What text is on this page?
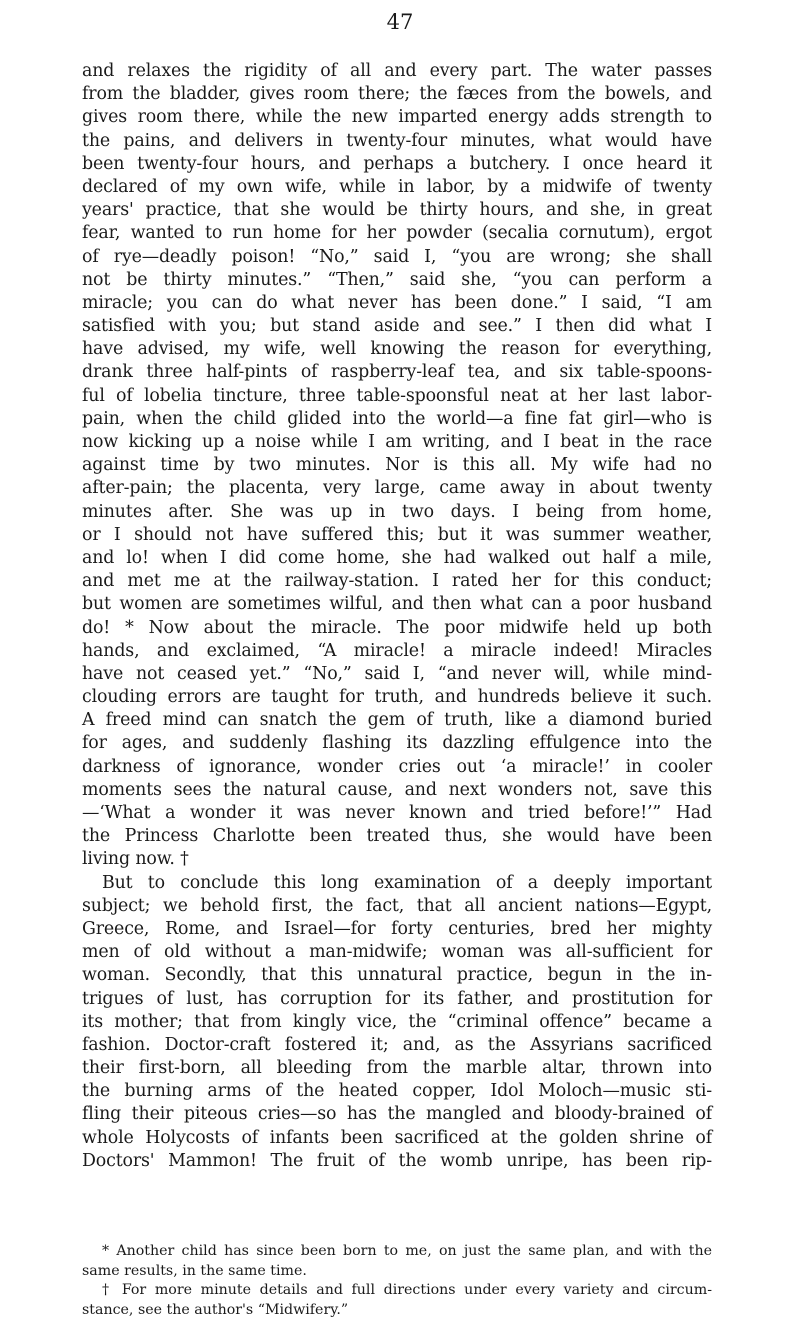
47
and relaxes the rigidity of all and every part. The water passes
from the bladder, gives room there; the fæces from the bowels, and
gives room there, while the new imparted energy adds strength to
the pains, and delivers in twenty-four minutes, what would have
been twenty-four hours, and perhaps a butchery. I once heard it
declared of my own wife, while in labor, by a midwife of twenty
years' practice, that she would be thirty hours, and she, in great
fear, wanted to run home for her powder (secalia cornutum), ergot
of rye—deadly poison! “No,” said I, “you are wrong; she shall
not be thirty minutes.” “Then,” said she, “you can perform a
miracle; you can do what never has been done.” I said, “I am
satisfied with you; but stand aside and see.” I then did what I
have advised, my wife, well knowing the reason for everything,
drank three half-pints of raspberry-leaf tea, and six table-spoons-
ful of lobelia tincture, three table-spoonsful neat at her last labor-
pain, when the child glided into the world—a fine fat girl—who is
now kicking up a noise while I am writing, and I beat in the race
against time by two minutes. Nor is this all. My wife had no
after-pain; the placenta, very large, came away in about twenty
minutes after. She was up in two days. I being from home,
or I should not have suffered this; but it was summer weather,
and lo! when I did come home, she had walked out half a mile,
and met me at the railway-station. I rated her for this conduct;
but women are sometimes wilful, and then what can a poor husband
do! * Now about the miracle. The poor midwife held up both
hands, and exclaimed, “A miracle! a miracle indeed! Miracles
have not ceased yet.” “No,” said I, “and never will, while mind-
clouding errors are taught for truth, and hundreds believe it such.
A freed mind can snatch the gem of truth, like a diamond buried
for ages, and suddenly flashing its dazzling effulgence into the
darkness of ignorance, wonder cries out ‘a miracle!’ in cooler
moments sees the natural cause, and next wonders not, save this
—‘What a wonder it was never known and tried before!’” Had
the Princess Charlotte been treated thus, she would have been
living now. †
But to conclude this long examination of a deeply important
subject; we behold first, the fact, that all ancient nations—Egypt,
Greece, Rome, and Israel—for forty centuries, bred her mighty
men of old without a man-midwife; woman was all-sufficient for
woman. Secondly, that this unnatural practice, begun in the in-
trigues of lust, has corruption for its father, and prostitution for
its mother; that from kingly vice, the “criminal offence” became a
fashion. Doctor-craft fostered it; and, as the Assyrians sacrificed
their first-born, all bleeding from the marble altar, thrown into
the burning arms of the heated copper, Idol Moloch—music sti-
fling their piteous cries—so has the mangled and bloody-brained of
whole Holycosts of infants been sacrificed at the golden shrine of
Doctors' Mammon! The fruit of the womb unripe, has been rip-
* Another child has since been born to me, on just the same plan, and with the
same results, in the same time.
† For more minute details and full directions under every variety and circum-
stance, see the author's “Midwifery.”
